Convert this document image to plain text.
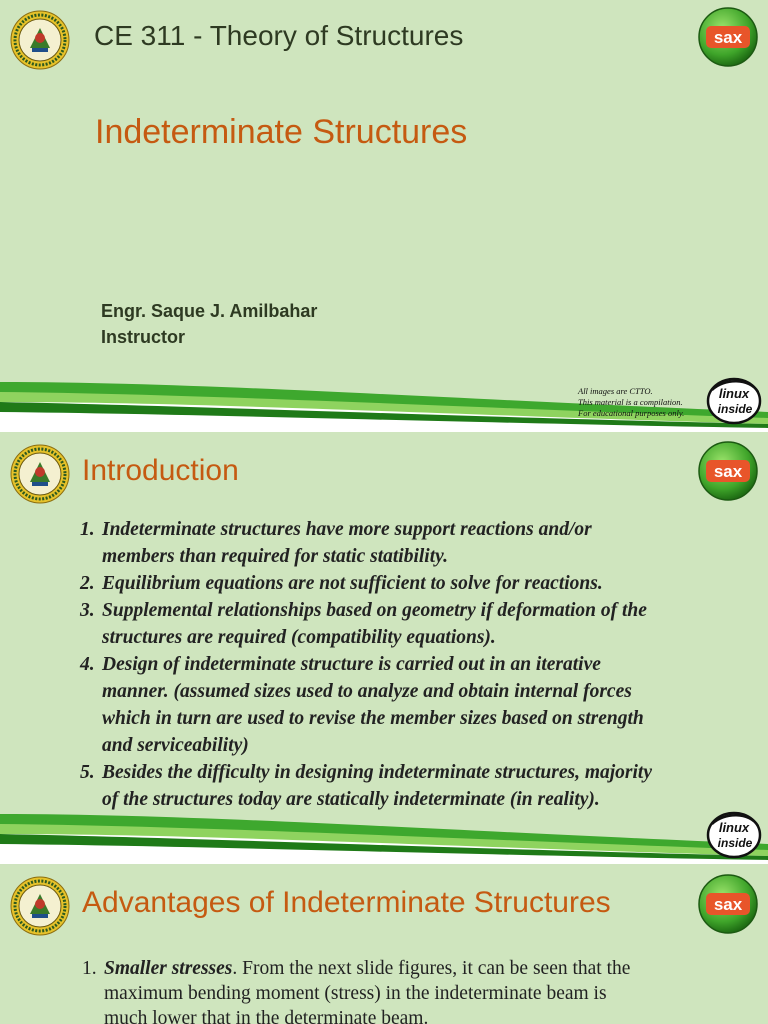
CE 311 - Theory of Structures	sax
Indeterminate Structures
Engr. Saque J. Amilbahar
Instructor
All images are CTTO.
This material is a compilation.
For educational purposes only.
linux
inside
Introduction	sax
1. Indeterminate structures have more support reactions and/or
members than required for static statibility.
2. Equilibrium equations are not sufficient to solve for reactions.
3. Supplemental relationships based on geometry if deformation of the
structures are required (compatibility equations).
4. Design of indeterminate structure is carried out in an iterative
manner. (assumed sizes used to analyze and obtain internal forces
which in turn are used to revise the member sizes based on strength
and serviceability)
5. Besides the difficulty in designing indeterminate structures, majority
of the structures today are statically indeterminate (in reality).
linux
inside
Advantages of Indeterminate Structures	sax
1. Smaller stresses. From the next slide figures, it can be seen that the
maximum bending moment (stress) in the indeterminate beam is
much lower that in the determinate beam.
